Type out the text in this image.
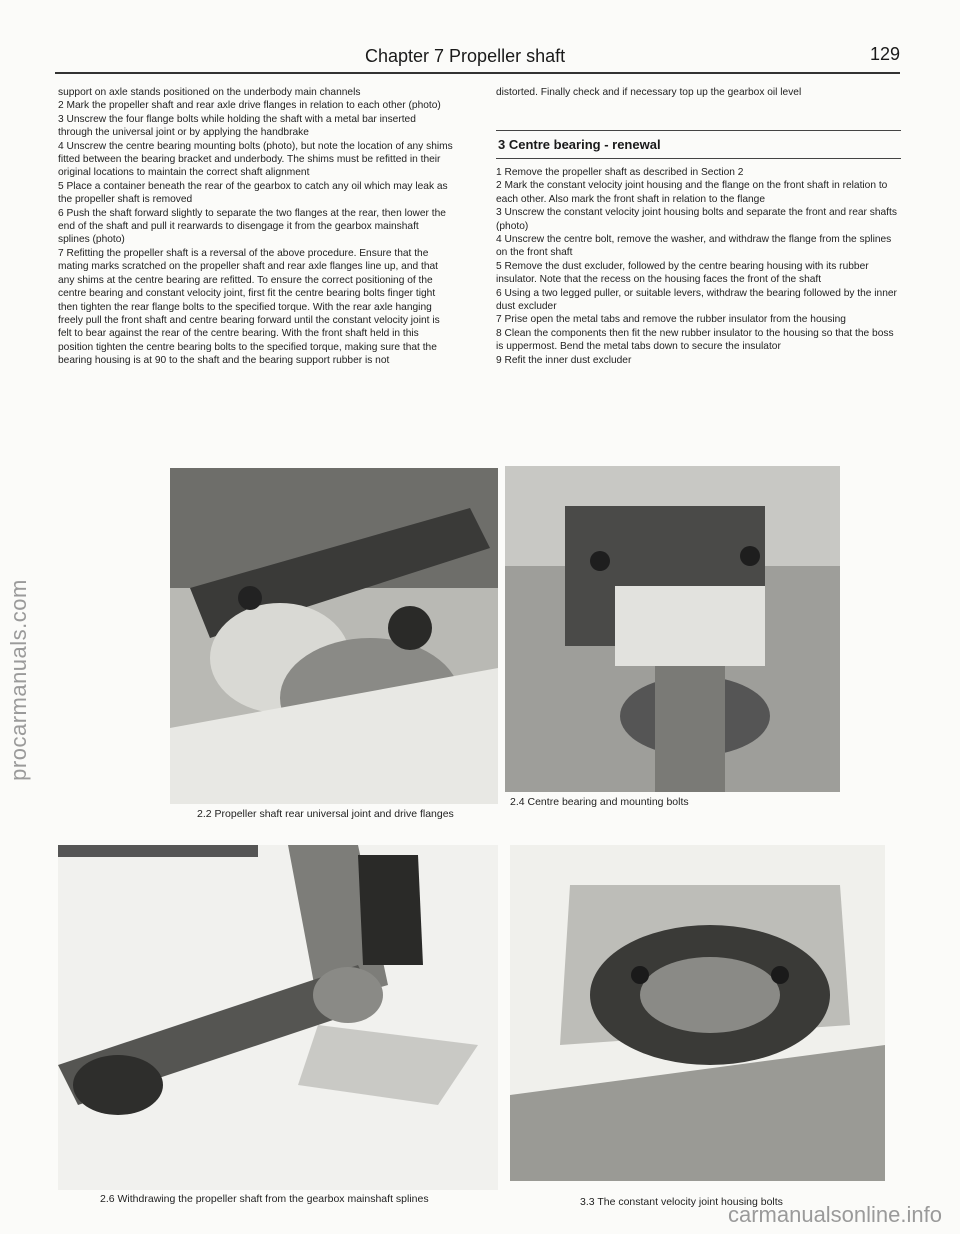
procarmanuals.com
carmanualsonline.info
Chapter 7 Propeller shaft	129

support on axle stands positioned on the underbody main channels

2 Mark the propeller shaft and rear axle drive flanges in relation to each other (photo)

3 Unscrew the four flange bolts while holding the shaft with a metal bar inserted through the universal joint or by applying the handbrake

4 Unscrew the centre bearing mounting bolts (photo), but note the location of any shims fitted between the bearing bracket and underbody. The shims must be refitted in their original locations to maintain the correct shaft alignment

5 Place a container beneath the rear of the gearbox to catch any oil which may leak as the propeller shaft is removed

6 Push the shaft forward slightly to separate the two flanges at the rear, then lower the end of the shaft and pull it rearwards to disengage it from the gearbox mainshaft splines (photo)

7 Refitting the propeller shaft is a reversal of the above procedure. Ensure that the mating marks scratched on the propeller shaft and rear axle flanges line up, and that any shims at the centre bearing are refitted. To ensure the correct positioning of the centre bearing and constant velocity joint, first fit the centre bearing bolts finger tight then tighten the rear flange bolts to the specified torque. With the rear axle hanging freely pull the front shaft and centre bearing forward until the constant velocity joint is felt to bear against the rear of the centre bearing. With the front shaft held in this position tighten the centre bearing bolts to the specified torque, making sure that the bearing housing is at 90 to the shaft and the bearing support rubber is not

distorted. Finally check and if necessary top up the gearbox oil level
3 Centre bearing - renewal

1 Remove the propeller shaft as described in Section 2

2 Mark the constant velocity joint housing and the flange on the front shaft in relation to each other. Also mark the front shaft in relation to the flange

3 Unscrew the constant velocity joint housing bolts and separate the front and rear shafts (photo)

4 Unscrew the centre bolt, remove the washer, and withdraw the flange from the splines on the front shaft

5 Remove the dust excluder, followed by the centre bearing housing with its rubber insulator. Note that the recess on the housing faces the front of the shaft

6 Using a two legged puller, or suitable levers, withdraw the bearing followed by the inner dust excluder

7 Prise open the metal tabs and remove the rubber insulator from the housing

8 Clean the components then fit the new rubber insulator to the housing so that the boss is uppermost. Bend the metal tabs down to secure the insulator

9 Refit the inner dust excluder

2.2 Propeller shaft rear universal joint and drive flanges
2.4 Centre bearing and mounting bolts
2.6 Withdrawing the propeller shaft from the gearbox mainshaft splines	3.3 The constant velocity joint housing bolts
